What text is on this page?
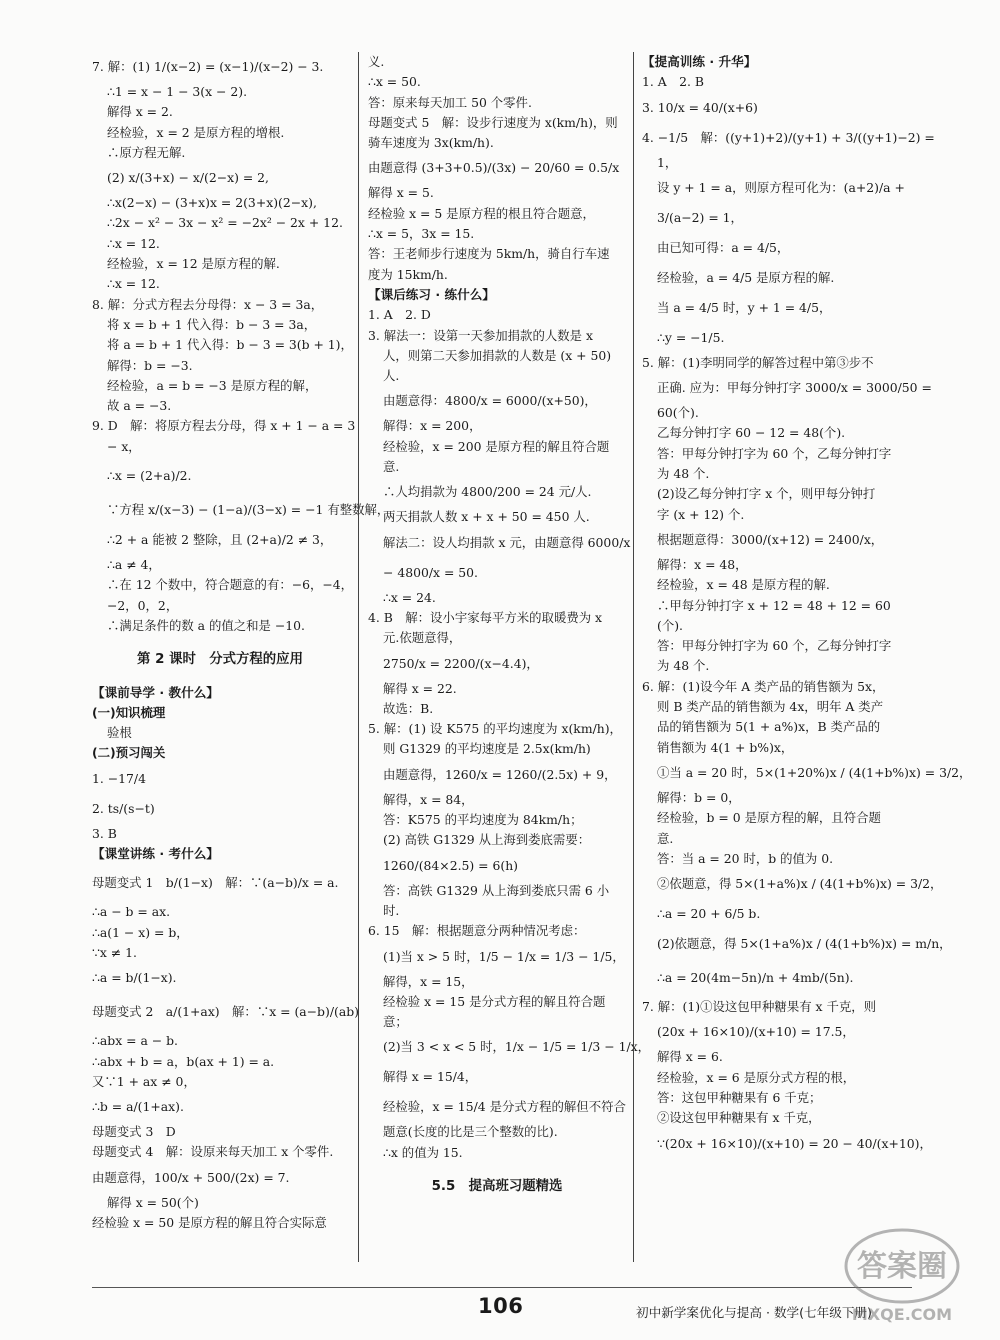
7. 解：(1) 1/(x−2) = (x−1)/(x−2) − 3.
∴1 = x − 1 − 3(x − 2).
解得 x = 2.
经检验，x = 2 是原方程的增根.
∴原方程无解.
(2) x/(3+x) − x/(2−x) = 2,
∴x(2−x) − (3+x)x = 2(3+x)(2−x),
∴2x − x² − 3x − x² = −2x² − 2x + 12.
∴x = 12.
经检验，x = 12 是原方程的解.
∴x = 12.
8. 解：分式方程去分母得：x − 3 = 3a，
将 x = b + 1 代入得：b − 3 = 3a，
将 a = b + 1 代入得：b − 3 = 3(b + 1)，
解得：b = −3.
经检验，a = b = −3 是原方程的解，
故 a = −3.
9. D　解：将原方程去分母，得 x + 1 − a = 3
− x，
∴x = (2+a)/2.
∵方程 x/(x−3) − (1−a)/(3−x) = −1 有整数解，
∴2 + a 能被 2 整除，且 (2+a)/2 ≠ 3，
∴a ≠ 4，
∴在 12 个数中，符合题意的有：−6，−4，
−2，0，2，
∴满足条件的数 a 的值之和是 −10.
第 2 课时　分式方程的应用
【课前导学 · 教什么】
(一)知识梳理
验根
(二)预习闯关
1. −17/4
2. ts/(s−t)
3. B
【课堂讲练 · 考什么】
母题变式 1　b/(1−x)　解：∵(a−b)/x = a.
∴a − b = ax.
∴a(1 − x) = b，
∵x ≠ 1.
∴a = b/(1−x).
母题变式 2　a/(1+ax)　解：∵x = (a−b)/(ab)
∴abx = a − b.
∴abx + b = a，b(ax + 1) = a.
又∵1 + ax ≠ 0，
∴b = a/(1+ax).
母题变式 3　D
母题变式 4　解：设原来每天加工 x 个零件.
由题意得，100/x + 500/(2x) = 7.
解得 x = 50(个)
经检验 x = 50 是原方程的解且符合实际意
义.
∴x = 50.
答：原来每天加工 50 个零件.
母题变式 5　解：设步行速度为 x(km/h)，则
骑车速度为 3x(km/h).
由题意得 (3+3+0.5)/(3x) − 20/60 = 0.5/x
解得 x = 5.
经检验 x = 5 是原方程的根且符合题意，
∴x = 5，3x = 15.
答：王老师步行速度为 5km/h，骑自行车速
度为 15km/h.
【课后练习 · 练什么】
1. A　2. D
3. 解法一：设第一天参加捐款的人数是 x
人，则第二天参加捐款的人数是 (x + 50)
人.
由题意得：4800/x = 6000/(x+50)，
解得：x = 200，
经检验，x = 200 是原方程的解且符合题
意.
∴人均捐款为 4800/200 = 24 元/人.
两天捐款人数 x + x + 50 = 450 人.
解法二：设人均捐款 x 元，由题意得 6000/x
− 4800/x = 50.
∴x = 24.
4. B　解：设小宇家每平方米的取暖费为 x
元.依题意得，
2750/x = 2200/(x−4.4)，
解得 x = 22.
故选：B.
5. 解：(1) 设 K575 的平均速度为 x(km/h)，
则 G1329 的平均速度是 2.5x(km/h)
由题意得，1260/x = 1260/(2.5x) + 9，
解得，x = 84，
答：K575 的平均速度为 84km/h；
(2) 高铁 G1329 从上海到娄底需要：
1260/(84×2.5) = 6(h)
答：高铁 G1329 从上海到娄底只需 6 小
时.
6. 15　解：根据题意分两种情况考虑：
(1)当 x > 5 时，1/5 − 1/x = 1/3 − 1/5，
解得，x = 15，
经检验 x = 15 是分式方程的解且符合题
意；
(2)当 3 < x < 5 时，1/x − 1/5 = 1/3 − 1/x，
解得 x = 15/4，
经检验，x = 15/4 是分式方程的解但不符合
题意(长度的比是三个整数的比).
∴x 的值为 15.
5.5　提高班习题精选
【提高训练 · 升华】
1. A　2. B
3. 10/x = 40/(x+6)
4. −1/5　解：((y+1)+2)/(y+1) + 3/((y+1)−2) =
1，
设 y + 1 = a，则原方程可化为：(a+2)/a +
3/(a−2) = 1，
由已知可得：a = 4/5，
经检验，a = 4/5 是原方程的解.
当 a = 4/5 时，y + 1 = 4/5，
∴y = −1/5.
5. 解：(1)李明同学的解答过程中第③步不
正确. 应为：甲每分钟打字 3000/x = 3000/50 =
60(个).
乙每分钟打字 60 − 12 = 48(个).
答：甲每分钟打字为 60 个，乙每分钟打字
为 48 个.
(2)设乙每分钟打字 x 个，则甲每分钟打
字 (x + 12) 个.
根据题意得：3000/(x+12) = 2400/x，
解得：x = 48，
经检验，x = 48 是原方程的解.
∴甲每分钟打字 x + 12 = 48 + 12 = 60
(个).
答：甲每分钟打字为 60 个，乙每分钟打字
为 48 个.
6. 解：(1)设今年 A 类产品的销售额为 5x，
则 B 类产品的销售额为 4x，明年 A 类产
品的销售额为 5(1 + a%)x，B 类产品的
销售额为 4(1 + b%)x，
①当 a = 20 时，5×(1+20%)x / (4(1+b%)x) = 3/2，
解得：b = 0，
经检验，b = 0 是原方程的解，且符合题
意.
答：当 a = 20 时，b 的值为 0.
②依题意，得 5×(1+a%)x / (4(1+b%)x) = 3/2，
∴a = 20 + 6/5 b.
(2)依题意，得 5×(1+a%)x / (4(1+b%)x) = m/n，
∴a = 20(4m−5n)/n + 4mb/(5n).
7. 解：(1)①设这包甲种糖果有 x 千克，则
(20x + 16×10)/(x+10) = 17.5，
解得 x = 6.
经检验，x = 6 是原分式方程的根，
答：这包甲种糖果有 6 千克；
②设这包甲种糖果有 x 千克，
∵(20x + 16×10)/(x+10) = 20 − 40/(x+10)，
106	初中新学案优化与提高 · 数学(七年级下册)
答案圈
MXQE.COM
